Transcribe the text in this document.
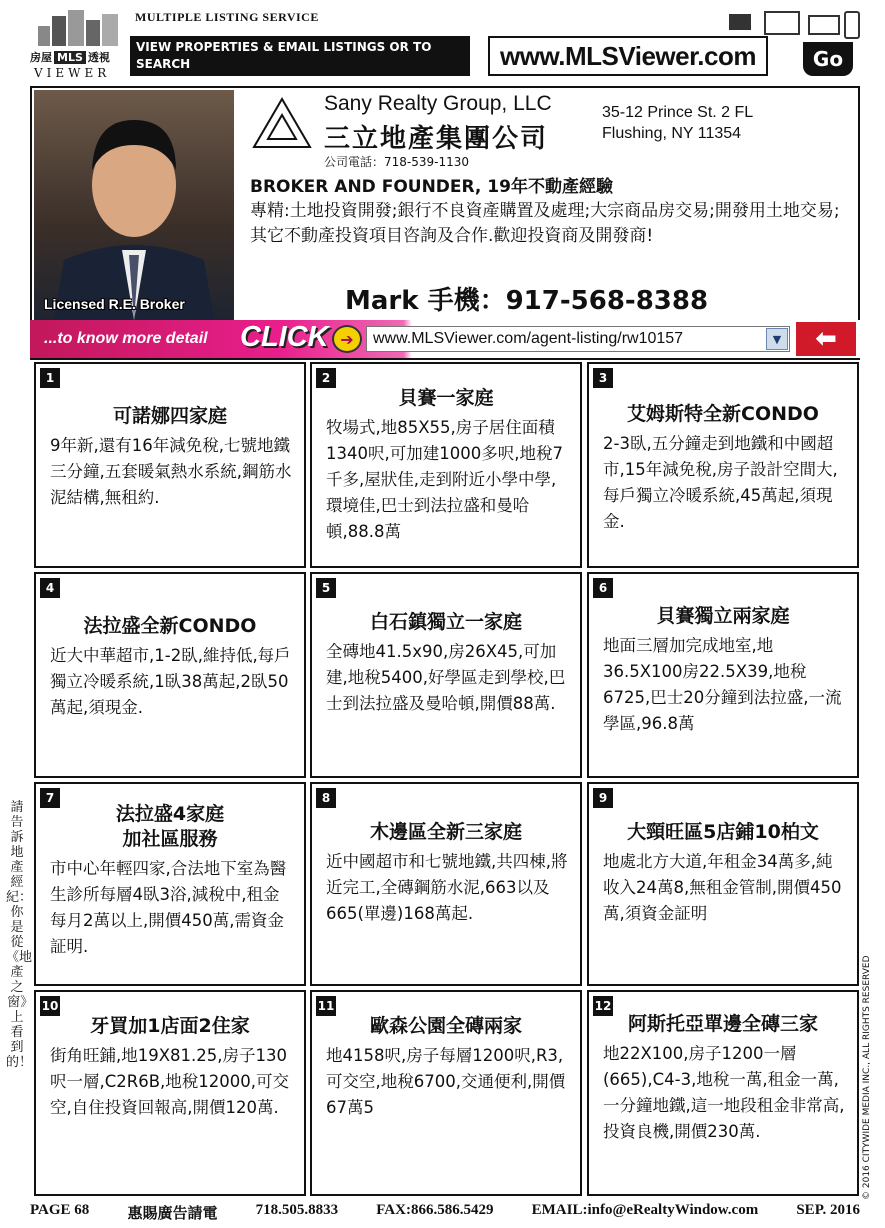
房屋 MLS 透視
VIEWER
MULTIPLE LISTING SERVICE
VIEW PROPERTIES & EMAIL LISTINGS OR TO SEARCH
ANY SERVICE PROVIDERS 24/7 A DAY, 365 DAYS
www.MLSViewer.com	Go
Licensed R.E. Broker
Sany Realty Group, LLC
三立地產集團公司
公司電話：718-539-1130
35-12 Prince St. 2 FL
Flushing, NY 11354
BROKER AND FOUNDER, 19年不動產經驗
專精:土地投資開發;銀行不良資產購置及處理;大宗商品房交易;開發用土地交易;其它不動產投資項目咨詢及合作.歡迎投資商及開發商!
Mark 手機：917-568-8388
...to know more detail CLICK ➔	www.MLSViewer.com/agent-listing/rw10157	▼	⬅
1
可諾娜四家庭
9年新,還有16年減免稅,七號地鐵三分鐘,五套暖氣熱水系統,鋼筋水泥結構,無租約.
2
貝賽一家庭
牧場式,地85X55,房子居住面積1340呎,可加建1000多呎,地稅7千多,屋狀佳,走到附近小學中學,環境佳,巴士到法拉盛和曼哈頓,88.8萬
3
艾姆斯特全新CONDO
2-3臥,五分鐘走到地鐵和中國超市,15年減免稅,房子設計空間大,每戶獨立冷暖系統,45萬起,須現金.
4
法拉盛全新CONDO
近大中華超市,1-2臥,維持低,每戶獨立冷暖系統,1臥38萬起,2臥50萬起,須現金.
5
白石鎮獨立一家庭
全磚地41.5x90,房26X45,可加建,地稅5400,好學區走到學校,巴士到法拉盛及曼哈頓,開價88萬.
6
貝賽獨立兩家庭
地面三層加完成地室,地36.5X100房22.5X39,地稅6725,巴士20分鐘到法拉盛,一流學區,96.8萬
7
法拉盛4家庭
加社區服務
市中心年輕四家,合法地下室為醫生診所每層4臥3浴,減稅中,租金每月2萬以上,開價450萬,需資金証明.
8
木邊區全新三家庭
近中國超市和七號地鐵,共四棟,將近完工,全磚鋼筋水泥,663以及665(單邊)168萬起.
9
大頸旺區5店鋪10柏文
地處北方大道,年租金34萬多,純收入24萬8,無租金管制,開價450萬,須資金証明
10
牙買加1店面2住家
街角旺鋪,地19X81.25,房子130呎一層,C2R6B,地稅12000,可交空,自住投資回報高,開價120萬.
11
歐森公園全磚兩家
地4158呎,房子每層1200呎,R3,可交空,地稅6700,交通便利,開價67萬5
12
阿斯托亞單邊全磚三家
地22X100,房子1200一層(665),C4-3,地稅一萬,租金一萬,一分鐘地鐵,這一地段租金非常高,投資良機,開價230萬.
請告訴地產經紀：你是從《地產之窗》上看到的！	© 2016 CITYWIDE MEDIA INC., ALL RIGHTS RESERVED
PAGE 68	惠賜廣告請電	718.505.8833	FAX:866.586.5429	EMAIL:info@eRealtyWindow.com	SEP. 2016
